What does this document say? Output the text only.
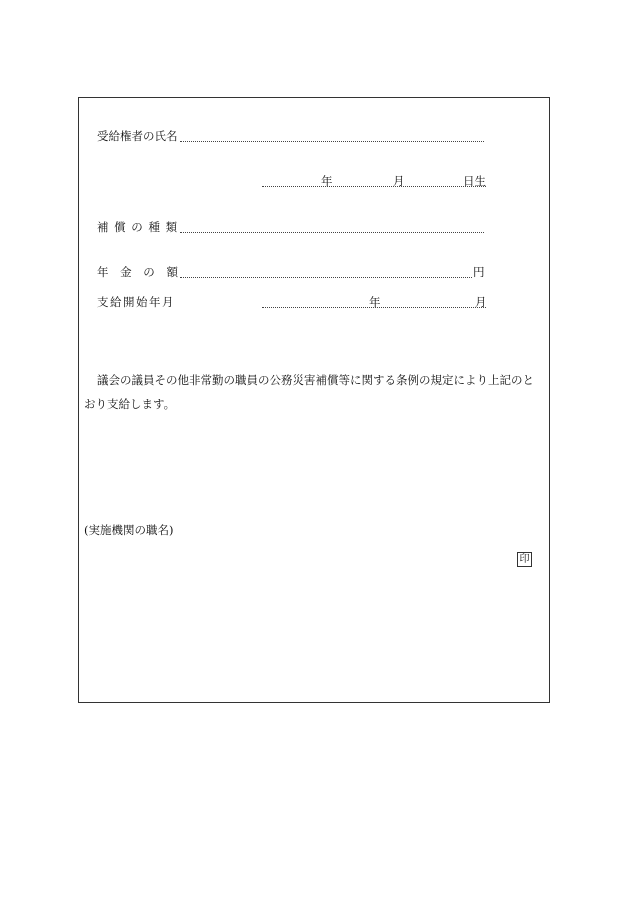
受給権者の氏名
年	月	日生
補 償 の 種 類
年 金 の 額	円
支給開始年月	年	月
議会の議員その他非常勤の職員の公務災害補償等に関する条例の規定により上記のと
おり支給します。
(実施機関の職名)
印
